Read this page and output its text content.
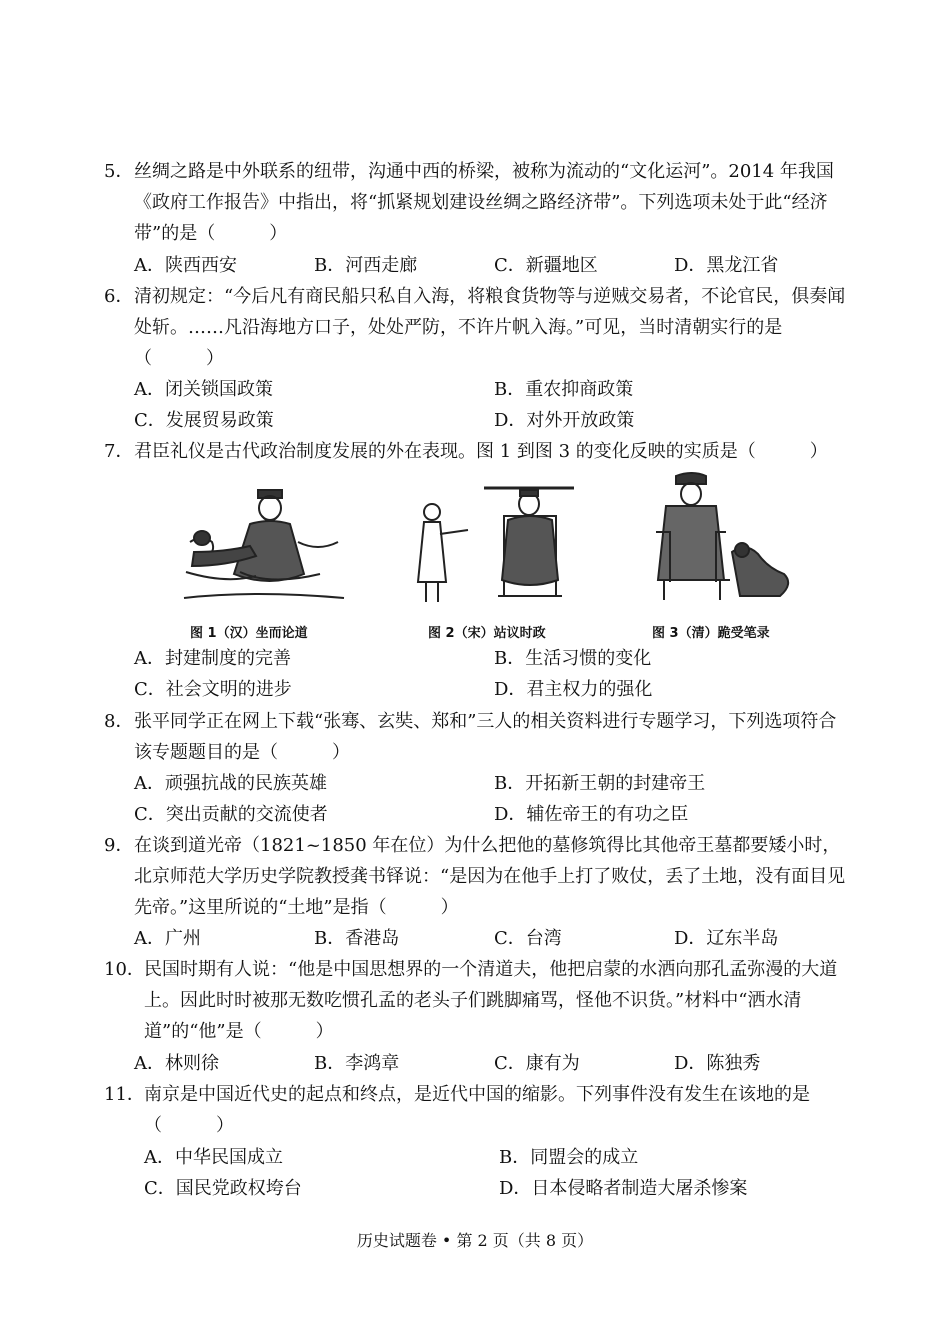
5． 丝绸之路是中外联系的纽带，沟通中西的桥梁，被称为流动的“文化运河”。2014 年我国《政府工作报告》中指出，将“抓紧规划建设丝绸之路经济带”。下列选项未处于此“经济带”的是（　　　）
A．陕西西安	B．河西走廊	C．新疆地区	D．黑龙江省
6． 清初规定：“今后凡有商民船只私自入海，将粮食货物等与逆贼交易者，不论官民，俱奏闻处斩。……凡沿海地方口子，处处严防，不许片帆入海。”可见，当时清朝实行的是（　　　）
A．闭关锁国政策	B．重农抑商政策
C．发展贸易政策	D．对外开放政策
7． 君臣礼仪是古代政治制度发展的外在表现。图 1 到图 3 的变化反映的实质是（　　　）
图 1（汉）坐而论道	图 2（宋）站议时政	图 3（清）跪受笔录
A．封建制度的完善	B．生活习惯的变化
C．社会文明的进步	D．君主权力的强化
8． 张平同学正在网上下载“张骞、玄奘、郑和”三人的相关资料进行专题学习，下列选项符合该专题题目的是（　　　）
A．顽强抗战的民族英雄	B．开拓新王朝的封建帝王
C．突出贡献的交流使者	D．辅佐帝王的有功之臣
9． 在谈到道光帝（1821~1850 年在位）为什么把他的墓修筑得比其他帝王墓都要矮小时，北京师范大学历史学院教授龚书铎说：“是因为在他手上打了败仗，丢了土地，没有面目见先帝。”这里所说的“土地”是指（　　　）
A．广州	B．香港岛	C．台湾	D．辽东半岛
10． 民国时期有人说：“他是中国思想界的一个清道夫，他把启蒙的水洒向那孔孟弥漫的大道上。因此时时被那无数吃惯孔孟的老头子们跳脚痛骂，怪他不识货。”材料中“洒水清道”的“他”是（　　　）
A．林则徐	B．李鸿章	C．康有为	D．陈独秀
11． 南京是中国近代史的起点和终点，是近代中国的缩影。下列事件没有发生在该地的是（　　　）
A．中华民国成立	B．同盟会的成立
C．国民党政权垮台	D．日本侵略者制造大屠杀惨案
历史试题卷 • 第 2 页（共 8 页）
